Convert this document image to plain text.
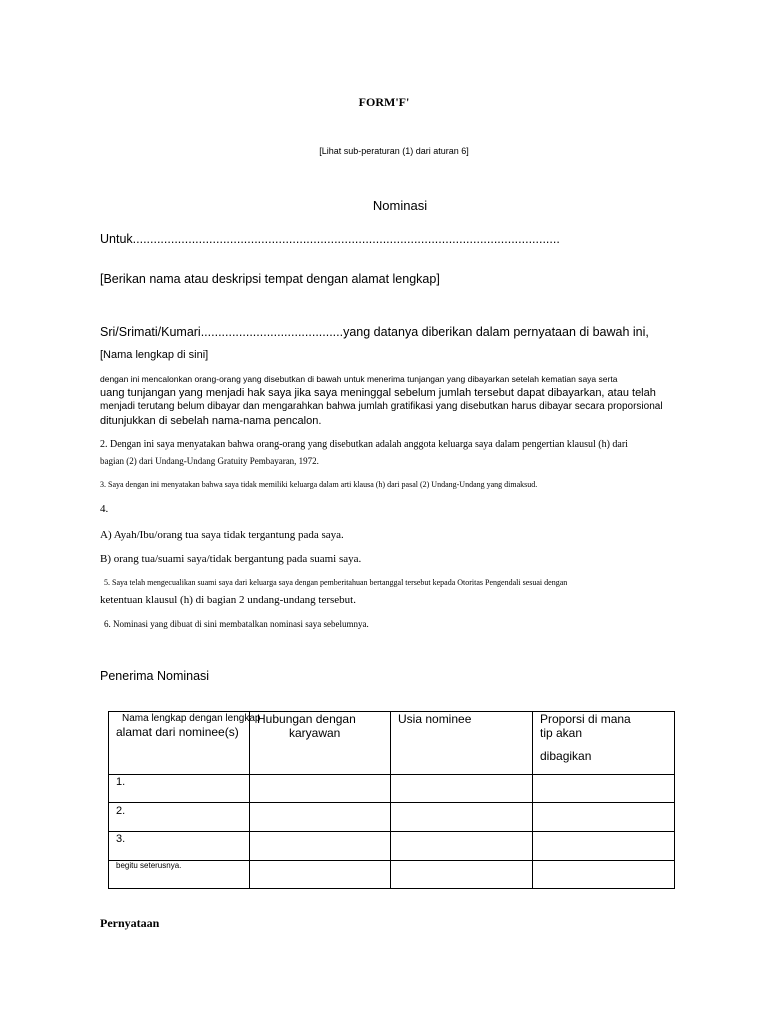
FORM'F'
[Lihat sub-peraturan (1) dari aturan 6]
Nominasi
Untuk...........................................................................................................................
[Berikan nama atau deskripsi tempat dengan alamat lengkap]
Sri/Srimati/Kumari.........................................yang datanya diberikan dalam pernyataan di bawah ini,
[Nama lengkap di sini]
dengan ini mencalonkan orang-orang yang disebutkan di bawah untuk menerima tunjangan yang dibayarkan setelah kematian saya serta
uang tunjangan yang menjadi hak saya jika saya meninggal sebelum jumlah tersebut dapat dibayarkan, atau telah
menjadi terutang belum dibayar dan mengarahkan bahwa jumlah gratifikasi yang disebutkan harus dibayar secara proporsional
ditunjukkan di sebelah nama-nama pencalon.
2. Dengan ini saya menyatakan bahwa orang-orang yang disebutkan adalah anggota keluarga saya dalam pengertian klausul (h) dari
bagian (2) dari Undang-Undang Gratuity Pembayaran, 1972.
3. Saya dengan ini menyatakan bahwa saya tidak memiliki keluarga dalam arti klausa (h) dari pasal (2) Undang-Undang yang dimaksud.
4.
A) Ayah/Ibu/orang tua saya tidak tergantung pada saya.
B) orang tua/suami saya/tidak bergantung pada suami saya.
5. Saya telah mengecualikan suami saya dari keluarga saya dengan pemberitahuan bertanggal tersebut kepada Otoritas Pengendali sesuai dengan
ketentuan klausul (h) di bagian 2 undang-undang tersebut.
6. Nominasi yang dibuat di sini membatalkan nominasi saya sebelumnya.
Penerima Nominasi
Nama lengkap dengan lengkap
alamat dari nominee(s)
Hubungan dengan
karyawan
Usia nominee	Proporsi di mana
tip akan
dibagikan
1.
2.
3.
begitu seterusnya.
Pernyataan
